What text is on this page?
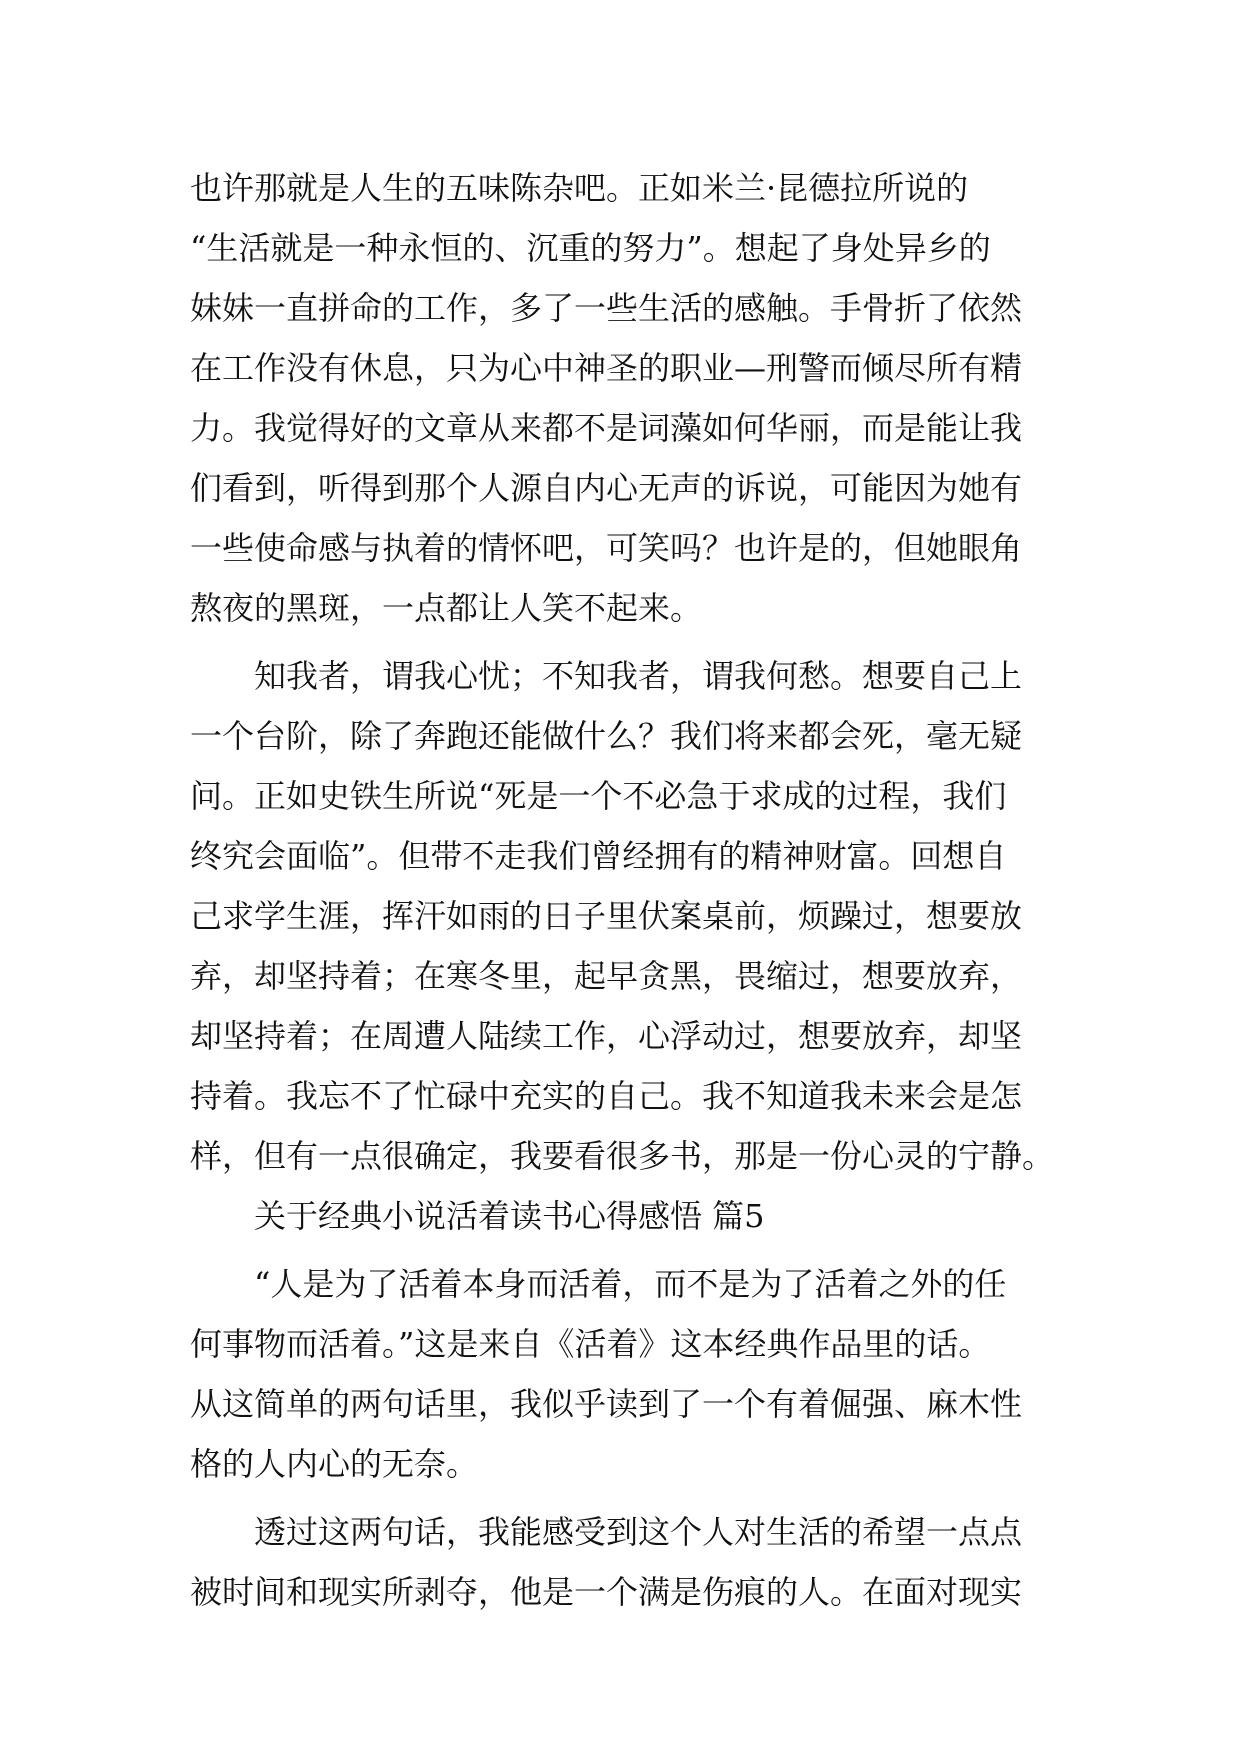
也许那就是人生的五味陈杂吧。正如米兰·昆德拉所说的
“生活就是一种永恒的、沉重的努力”。想起了身处异乡的
妹妹一直拼命的工作，多了一些生活的感触。手骨折了依然
在工作没有休息，只为心中神圣的职业—刑警而倾尽所有精
力。我觉得好的文章从来都不是词藻如何华丽，而是能让我
们看到，听得到那个人源自内心无声的诉说，可能因为她有
一些使命感与执着的情怀吧，可笑吗？也许是的，但她眼角
熬夜的黑斑，一点都让人笑不起来。
　　知我者，谓我心忧；不知我者，谓我何愁。想要自己上
一个台阶，除了奔跑还能做什么？我们将来都会死，毫无疑
问。正如史铁生所说“死是一个不必急于求成的过程，我们
终究会面临”。但带不走我们曾经拥有的精神财富。回想自
己求学生涯，挥汗如雨的日子里伏案桌前，烦躁过，想要放
弃，却坚持着；在寒冬里，起早贪黑，畏缩过，想要放弃，
却坚持着；在周遭人陆续工作，心浮动过，想要放弃，却坚
持着。我忘不了忙碌中充实的自己。我不知道我未来会是怎
样，但有一点很确定，我要看很多书，那是一份心灵的宁静。
　　关于经典小说活着读书心得感悟 篇5
　　“人是为了活着本身而活着，而不是为了活着之外的任
何事物而活着。”这是来自《活着》这本经典作品里的话。
从这简单的两句话里，我似乎读到了一个有着倔强、麻木性
格的人内心的无奈。
　　透过这两句话，我能感受到这个人对生活的希望一点点
被时间和现实所剥夺，他是一个满是伤痕的人。在面对现实
